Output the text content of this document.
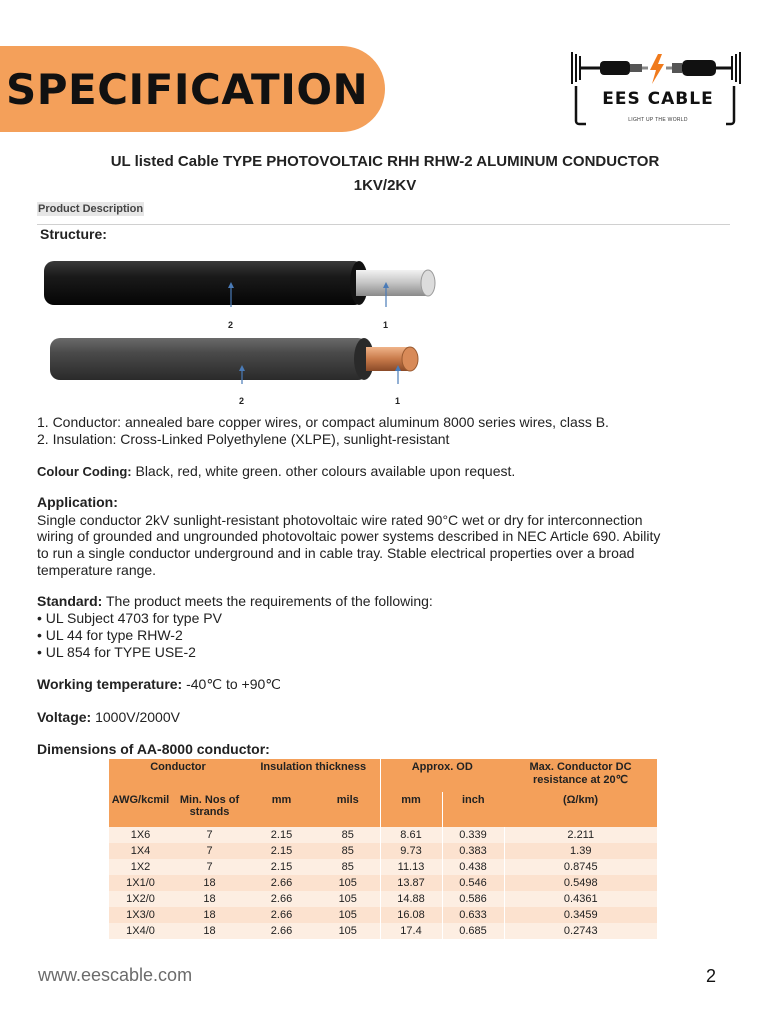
SPECIFICATION	EES CABLE
LIGHT UP THE WORLD
UL listed Cable TYPE PHOTOVOLTAIC RHH RHW-2 ALUMINUM CONDUCTOR
1KV/2KV
Product Description
Structure:
2	1
2	1
1. Conductor: annealed bare copper wires, or compact aluminum 8000 series wires, class B.
2. Insulation: Cross-Linked Polyethylene (XLPE), sunlight-resistant
Colour Coding: Black, red, white green. other colours available upon request.
Application:
Single conductor 2kV sunlight-resistant photovoltaic wire rated 90°C wet or dry for interconnection
wiring of grounded and ungrounded photovoltaic power systems described in NEC Article 690. Ability
to run a single conductor underground and in cable tray. Stable electrical properties over a broad
temperature range.
Standard: The product meets the requirements of the following:
• UL Subject 4703 for type PV
• UL 44 for type RHW-2
• UL 854 for TYPE USE-2
Working temperature: -40℃ to +90℃
Voltage: 1000V/2000V
Dimensions of AA-8000 conductor:
Conductor		Insulation thickness		Approx. OD		Max. Conductor DC resistance at 20℃
AWG/kcmil	Min. Nos of strands	mm	mils	mm	inch	(Ω/km)
1X6	7	2.15	85	8.61	0.339	2.211
1X4	7	2.15	85	9.73	0.383	1.39
1X2	7	2.15	85	11.13	0.438	0.8745
1X1/0	18	2.66	105	13.87	0.546	0.5498
1X2/0	18	2.66	105	14.88	0.586	0.4361
1X3/0	18	2.66	105	16.08	0.633	0.3459
1X4/0	18	2.66	105	17.4	0.685	0.2743
www.eescable.com	2
